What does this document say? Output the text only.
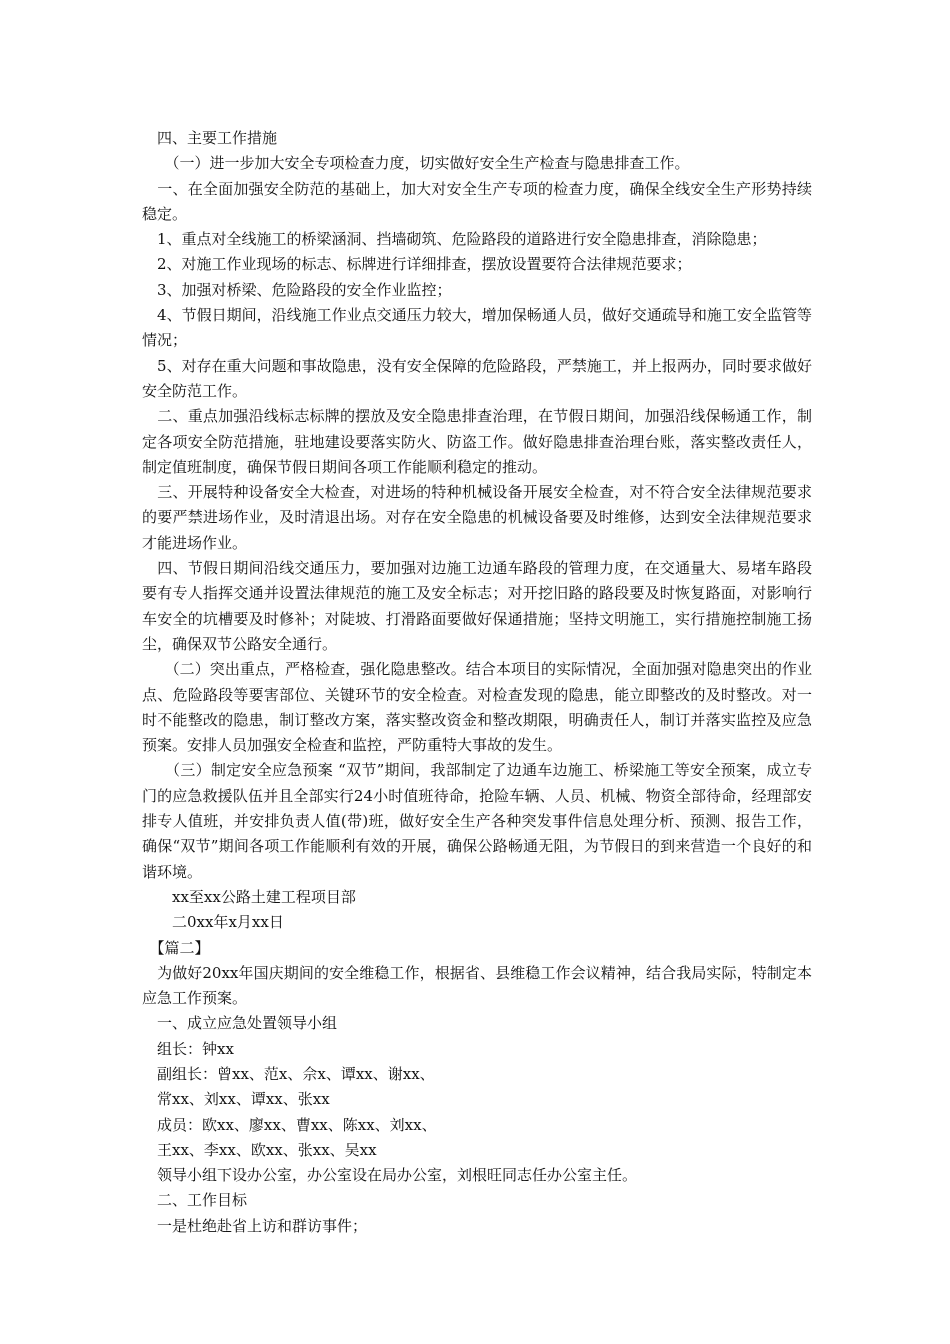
　四、主要工作措施

　　（一）进一步加大安全专项检查力度，切实做好安全生产检查与隐患排查工作。

　一、在全面加强安全防范的基础上，加大对安全生产专项的检查力度，确保全线安全生产形势持续稳定。

　1、重点对全线施工的桥梁涵洞、挡墙砌筑、危险路段的道路进行安全隐患排查，消除隐患；

　2、对施工作业现场的标志、标牌进行详细排查，摆放设置要符合法律规范要求；

　3、加强对桥梁、危险路段的安全作业监控；

　4、节假日期间，沿线施工作业点交通压力较大，增加保畅通人员，做好交通疏导和施工安全监管等情况；

　5、对存在重大问题和事故隐患，没有安全保障的危险路段，严禁施工，并上报两办，同时要求做好安全防范工作。

　二、重点加强沿线标志标牌的摆放及安全隐患排查治理，在节假日期间，加强沿线保畅通工作，制定各项安全防范措施，驻地建设要落实防火、防盗工作。做好隐患排查治理台账，落实整改责任人，制定值班制度，确保节假日期间各项工作能顺利稳定的推动。

　三、开展特种设备安全大检查，对进场的特种机械设备开展安全检查，对不符合安全法律规范要求的要严禁进场作业，及时清退出场。对存在安全隐患的机械设备要及时维修，达到安全法律规范要求才能进场作业。

　四、节假日期间沿线交通压力，要加强对边施工边通车路段的管理力度，在交通量大、易堵车路段要有专人指挥交通并设置法律规范的施工及安全标志；对开挖旧路的路段要及时恢复路面，对影响行车安全的坑槽要及时修补；对陡坡、打滑路面要做好保通措施；坚持文明施工，实行措施控制施工扬尘，确保双节公路安全通行。

　　（二）突出重点，严格检查，强化隐患整改。结合本项目的实际情况，全面加强对隐患突出的作业点、危险路段等要害部位、关键环节的安全检查。对检查发现的隐患，能立即整改的及时整改。对一时不能整改的隐患，制订整改方案，落实整改资金和整改期限，明确责任人，制订并落实监控及应急预案。安排人员加强安全检查和监控，严防重特大事故的发生。

　　（三）制定安全应急预案 “双节”期间，我部制定了边通车边施工、桥梁施工等安全预案，成立专门的应急救援队伍并且全部实行24小时值班待命，抢险车辆、人员、机械、物资全部待命，经理部安排专人值班，并安排负责人值(带)班，做好安全生产各种突发事件信息处理分析、预测、报告工作，确保“双节”期间各项工作能顺利有效的开展，确保公路畅通无阻，为节假日的到来营造一个良好的和谐环境。

　　xx至xx公路土建工程项目部

　　二0xx年x月xx日

　【篇二】

　为做好20xx年国庆期间的安全维稳工作，根据省、县维稳工作会议精神，结合我局实际，特制定本应急工作预案。

　一、成立应急处置领导小组

　组长：钟xx

　副组长：曾xx、范x、佘x、谭xx、谢xx、

　常xx、刘xx、谭xx、张xx

　成员：欧xx、廖xx、曹xx、陈xx、刘xx、

　王xx、李xx、欧xx、张xx、吴xx

　领导小组下设办公室，办公室设在局办公室，刘根旺同志任办公室主任。

　二、工作目标

　一是杜绝赴省上访和群访事件；
